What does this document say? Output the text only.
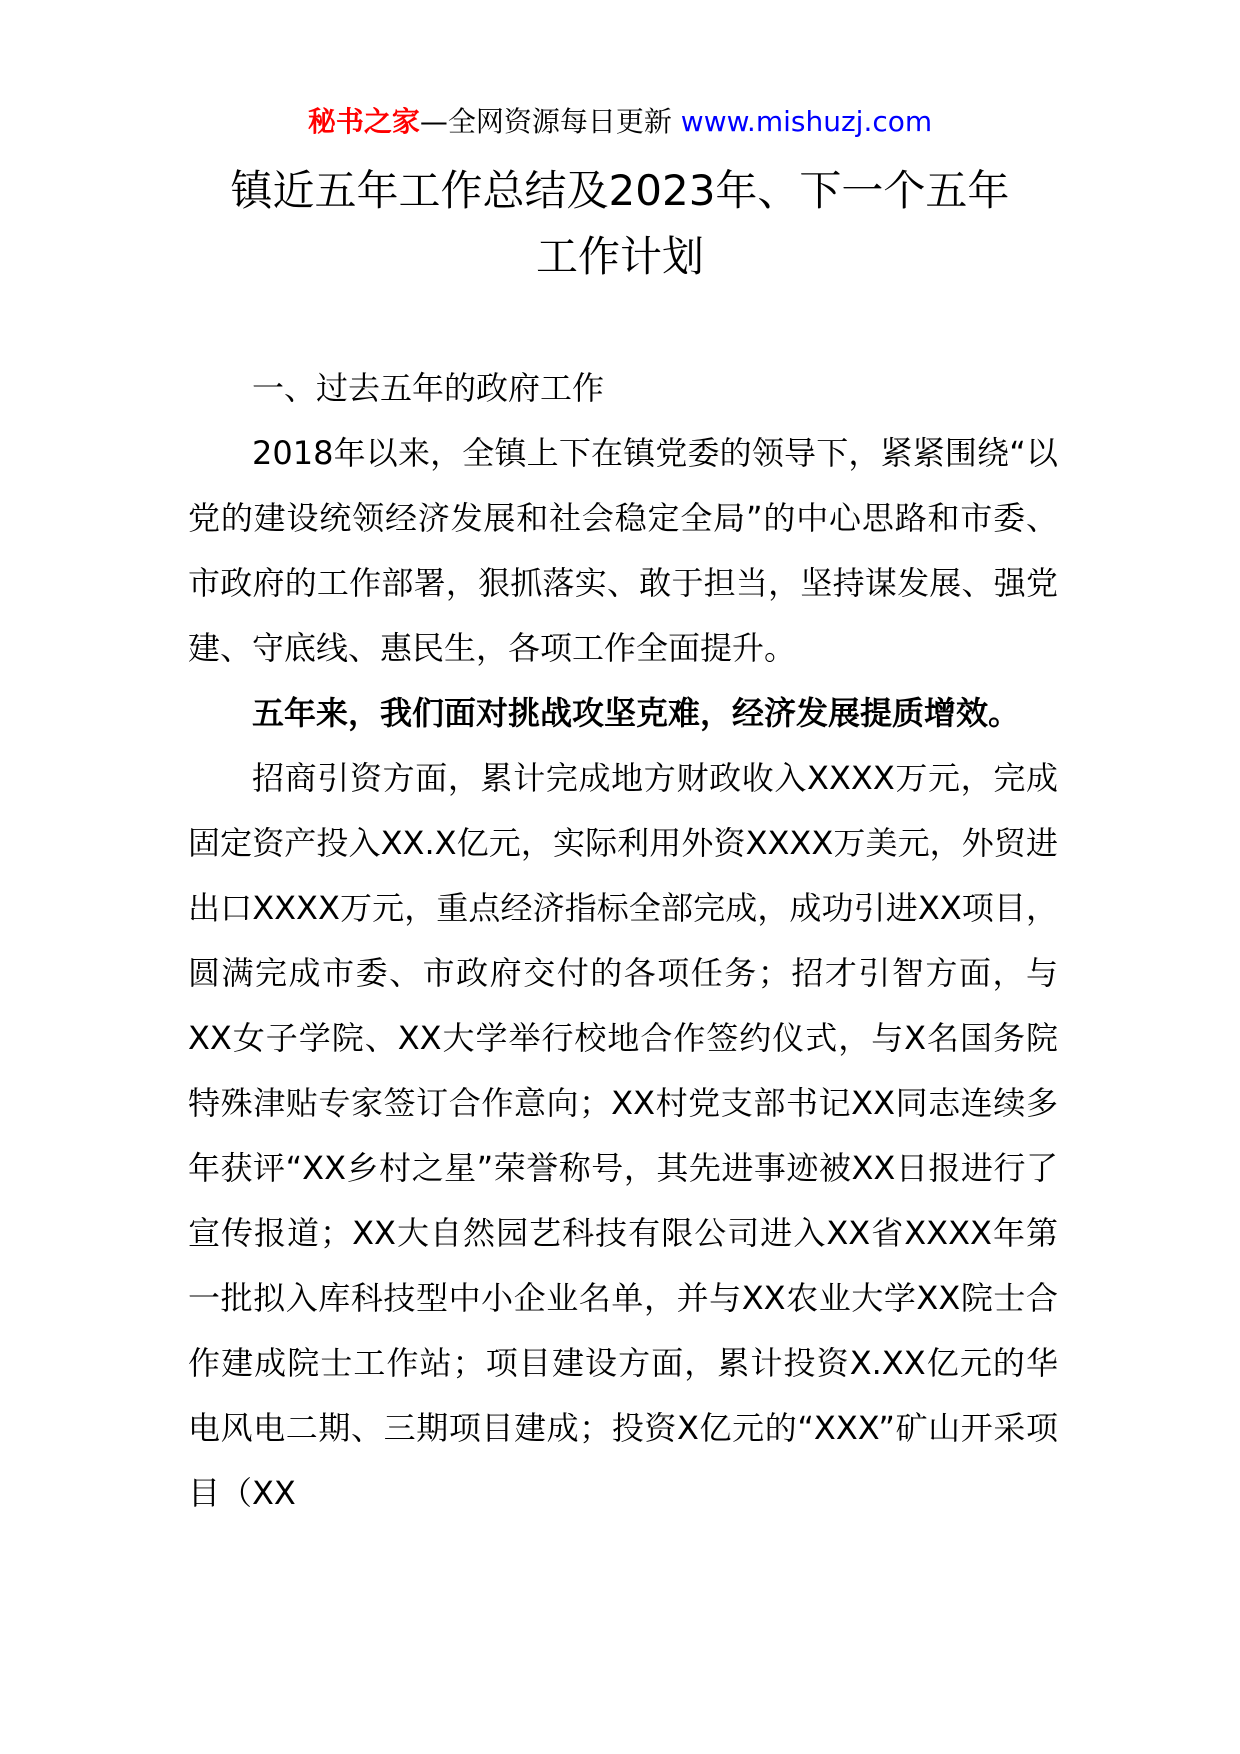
秘书之家—全网资源每日更新 www.mishuzj.com
镇近五年工作总结及2023年、下一个五年
工作计划

一、过去五年的政府工作

2018年以来，全镇上下在镇党委的领导下，紧紧围绕“以党的建设统领经济发展和社会稳定全局”的中心思路和市委、市政府的工作部署，狠抓落实、敢于担当，坚持谋发展、强党建、守底线、惠民生，各项工作全面提升。

五年来，我们面对挑战攻坚克难，经济发展提质增效。

招商引资方面，累计完成地方财政收入XXXX万元，完成固定资产投入XX.X亿元，实际利用外资XXXX万美元，外贸进出口XXXX万元，重点经济指标全部完成，成功引进XX项目，圆满完成市委、市政府交付的各项任务；招才引智方面，与XX女子学院、XX大学举行校地合作签约仪式，与X名国务院特殊津贴专家签订合作意向；XX村党支部书记XX同志连续多年获评“XX乡村之星”荣誉称号，其先进事迹被XX日报进行了宣传报道；XX大自然园艺科技有限公司进入XX省XXXX年第一批拟入库科技型中小企业名单，并与XX农业大学XX院士合作建成院士工作站；项目建设方面，累计投资X.XX亿元的华电风电二期、三期项目建成；投资X亿元的“XXX”矿山开采项目（XX
